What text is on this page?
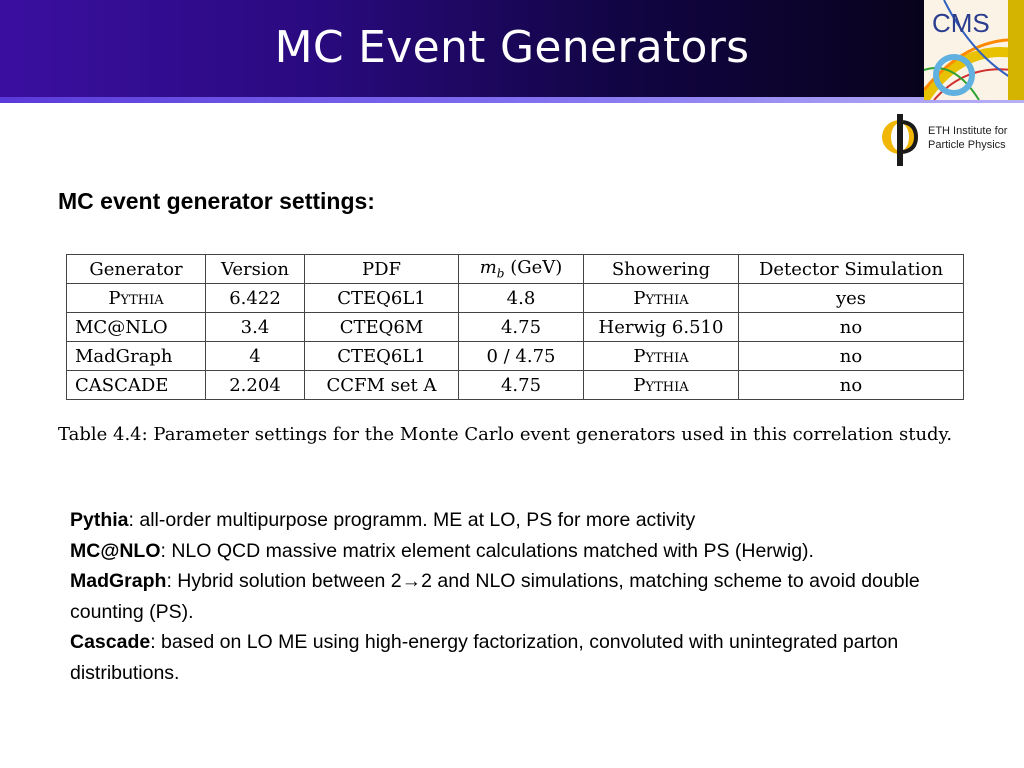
MC Event Generators	CMS
ETH Institute for Particle Physics
MC event generator settings:
Generator	Version	PDF	$m_b$ (GeV)	Showering	Detector Simulation
Pythia	6.422	CTEQ6L1	4.8	Pythia	yes
MC@NLO	3.4	CTEQ6M	4.75	Herwig 6.510	no
MadGraph	4	CTEQ6L1	0 / 4.75	Pythia	no
CASCADE	2.204	CCFM set A	4.75	Pythia	no
Table 4.4: Parameter settings for the Monte Carlo event generators used in this correlation study.

Pythia: all-order multipurpose programm. ME at LO, PS for more activity

MC@NLO: NLO QCD massive matrix element calculations matched with PS (Herwig).

MadGraph: Hybrid solution between 2→2 and NLO simulations, matching scheme to avoid double counting (PS).

Cascade: based on LO ME using high-energy factorization, convoluted with unintegrated parton distributions.
